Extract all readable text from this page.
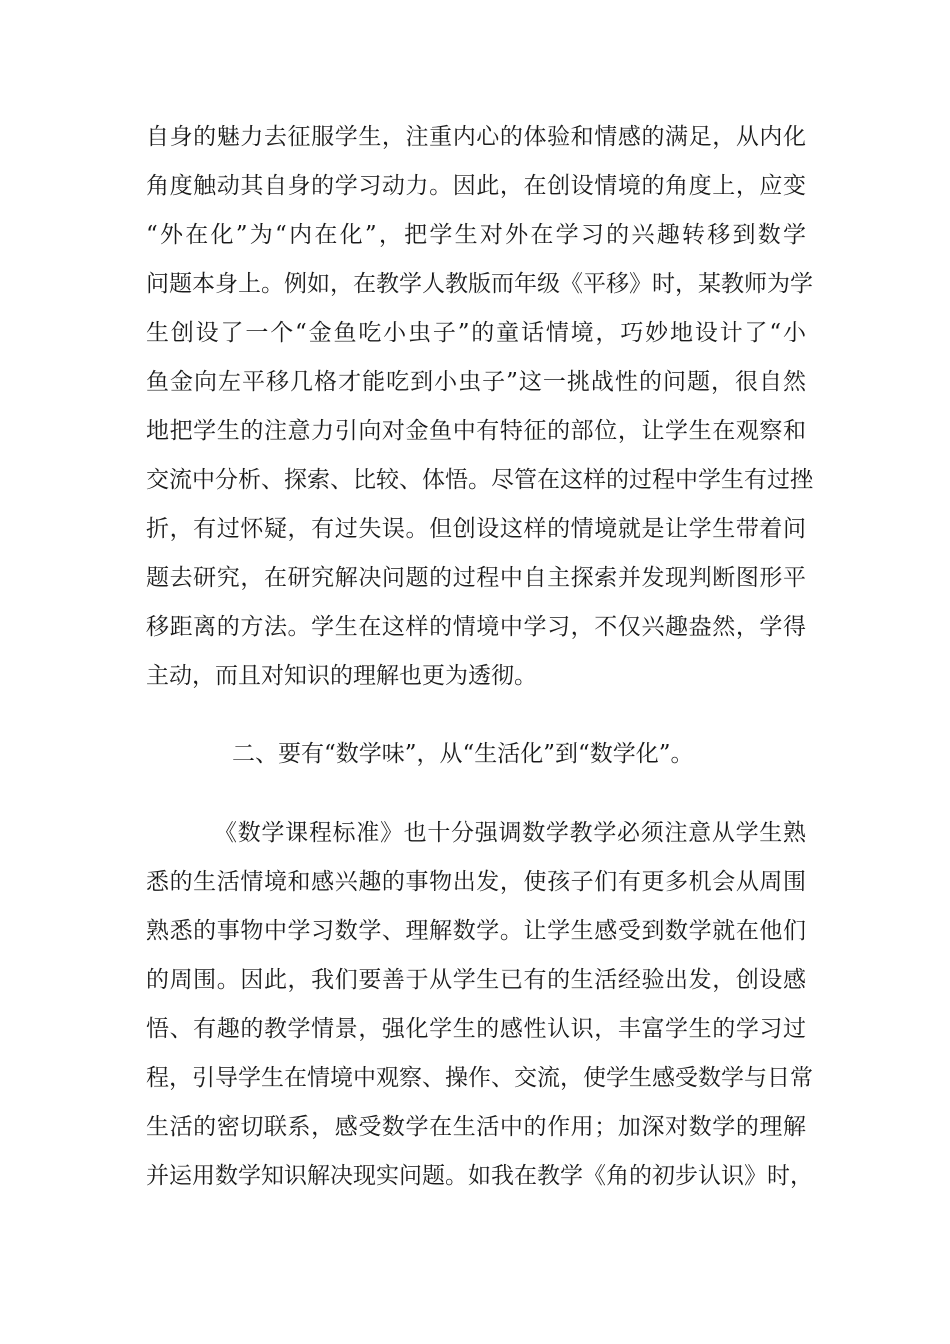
自身的魅力去征服学生，注重内心的体验和情感的满足，从内化
角度触动其自身的学习动力。因此，在创设情境的角度上，应变
“外在化”为“内在化”，把学生对外在学习的兴趣转移到数学
问题本身上。例如，在教学人教版而年级《平移》时，某教师为学
生创设了一个“金鱼吃小虫子”的童话情境，巧妙地设计了“小
鱼金向左平移几格才能吃到小虫子”这一挑战性的问题，很自然
地把学生的注意力引向对金鱼中有特征的部位，让学生在观察和
交流中分析、探索、比较、体悟。尽管在这样的过程中学生有过挫
折，有过怀疑，有过失误。但创设这样的情境就是让学生带着问
题去研究，在研究解决问题的过程中自主探索并发现判断图形平
移距离的方法。学生在这样的情境中学习，不仅兴趣盎然，学得
主动，而且对知识的理解也更为透彻。
二、要有“数学味”，从“生活化”到“数学化”。
《数学课程标准》也十分强调数学教学必须注意从学生熟
悉的生活情境和感兴趣的事物出发，使孩子们有更多机会从周围
熟悉的事物中学习数学、理解数学。让学生感受到数学就在他们
的周围。因此，我们要善于从学生已有的生活经验出发，创设感
悟、有趣的教学情景，强化学生的感性认识，丰富学生的学习过
程，引导学生在情境中观察、操作、交流，使学生感受数学与日常
生活的密切联系，感受数学在生活中的作用；加深对数学的理解
并运用数学知识解决现实问题。如我在教学《角的初步认识》时，
